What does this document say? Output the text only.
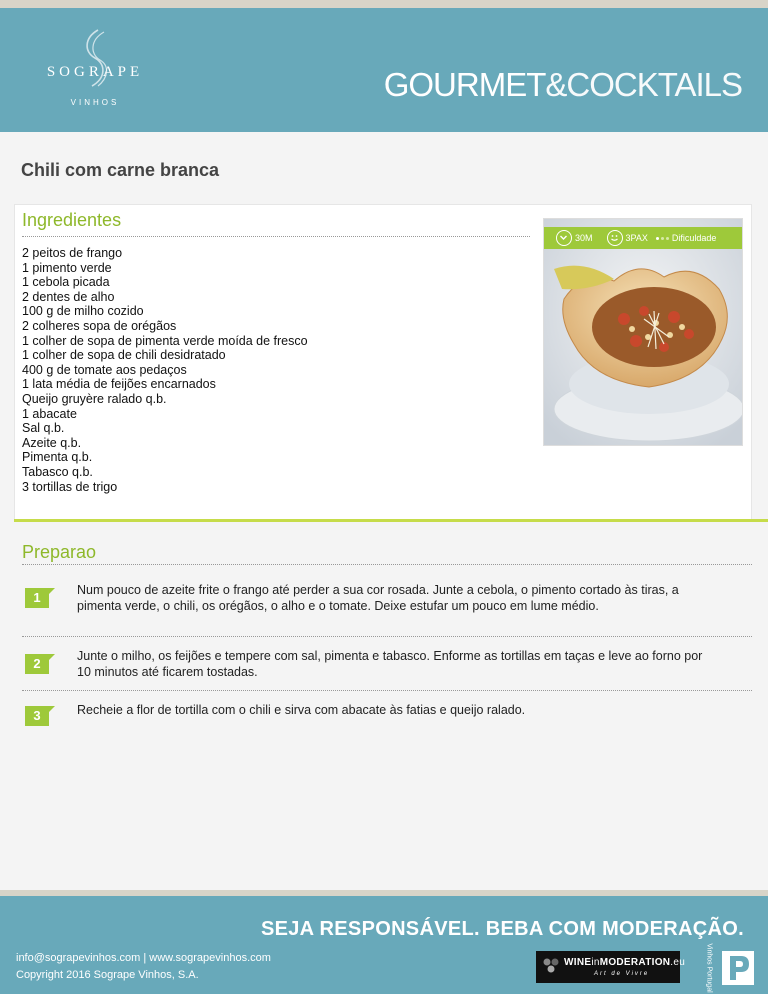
SOGRAPE
VINHOS	GOURMET&COCKTAILS
Chili com carne branca
Ingredientes
2 peitos de frango
1 pimento verde
1 cebola picada
2 dentes de alho
100 g de milho cozido
2 colheres sopa de orégãos
1 colher de sopa de pimenta verde moída de fresco
1 colher de sopa de chili desidratado
400 g de tomate aos pedaços
1 lata média de feijões encarnados
Queijo gruyère ralado q.b.
1 abacate
Sal q.b.
Azeite q.b.
Pimenta q.b.
Tabasco q.b.
3 tortillas de trigo
30M	3PAX	Dificuldade
Preparao
1	Num pouco de azeite frite o frango até perder a sua cor rosada. Junte a cebola, o pimento cortado às tiras, a pimenta verde, o chili, os orégãos, o alho e o tomate. Deixe estufar um pouco em lume médio.
2	Junte o milho, os feijões e tempere com sal, pimenta e tabasco. Enforme as tortillas em taças e leve ao forno por 10 minutos até ficarem tostadas.
3	Recheie a flor de tortilla com o chili e sirva com abacate às fatias e queijo ralado.
SEJA RESPONSÁVEL. BEBA COM MODERAÇÃO.
info@sograpevinhos.com | www.sograpevinhos.com
Copyright 2016 Sogrape Vinhos, S.A.
WINEinMODERATION.eu
Art de Vivre	Vinhos Portugal
